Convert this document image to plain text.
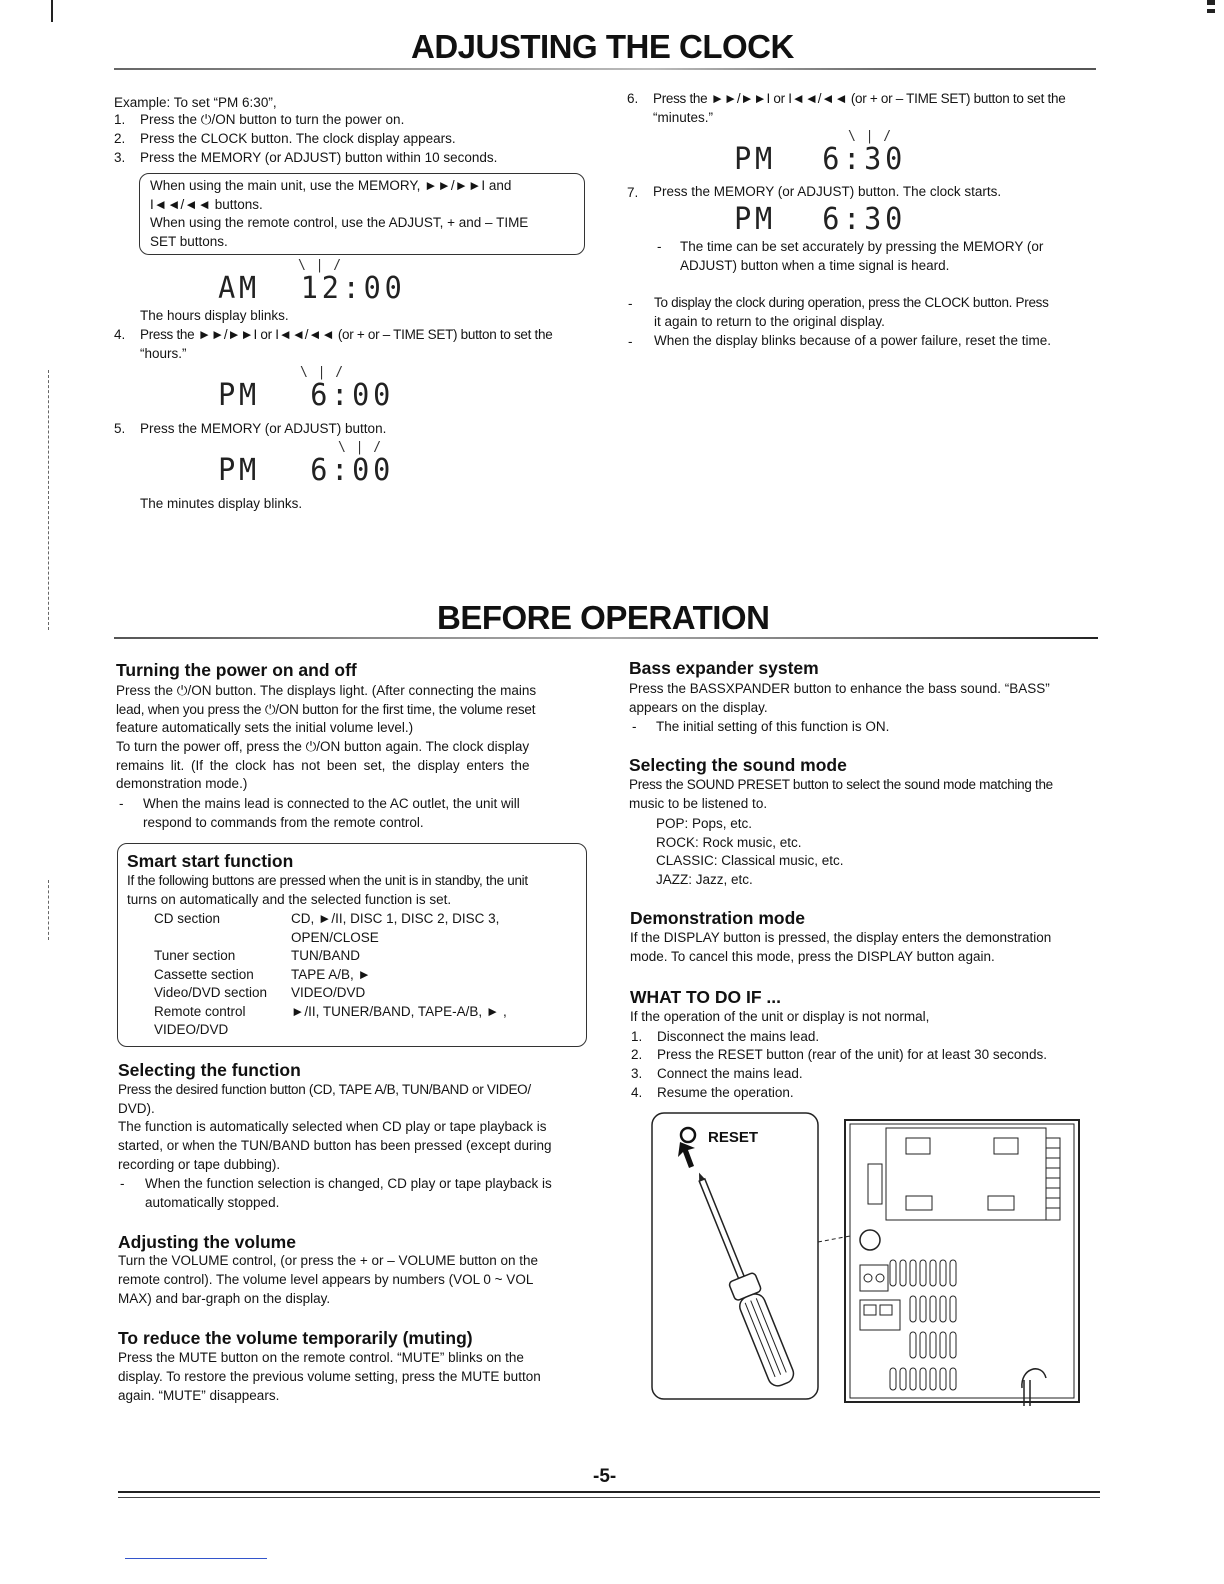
ADJUSTING THE CLOCK
Example: To set “PM 6:30”,
1. Press the ⏻/ON button to turn the power on.
2. Press the CLOCK button. The clock display appears.
3. Press the MEMORY (or ADJUST) button within 10 seconds.
When using the main unit, use the MEMORY, ►►/►►I and
I◄◄/◄◄ buttons.
When using the remote control, use the ADJUST, + and – TIME
SET buttons.
\ | /
AM 12:00
The hours display blinks.
4. Press the ►►/►►I or I◄◄/◄◄ (or + or – TIME SET) button to set the
“hours.”
\ | /
PM 6:00
5. Press the MEMORY (or ADJUST) button.
\ | /
PM 6:00
The minutes display blinks.
6. Press the ►►/►►I or I◄◄/◄◄ (or + or – TIME SET) button to set the
“minutes.”
\ | /
PM 6:30
7. Press the MEMORY (or ADJUST) button. The clock starts.
PM 6:30
- The time can be set accurately by pressing the MEMORY (or
ADJUST) button when a time signal is heard.
- To display the clock during operation, press the CLOCK button. Press
it again to return to the original display.
- When the display blinks because of a power failure, reset the time.
BEFORE OPERATION
Turning the power on and off
Press the ⏻/ON button. The displays light. (After connecting the mains
lead, when you press the ⏻/ON button for the first time, the volume reset
feature automatically sets the initial volume level.)
To turn the power off, press the ⏻/ON button again. The clock display
remains lit. (If the clock has not been set, the display enters the
demonstration mode.)
- When the mains lead is connected to the AC outlet, the unit will
respond to commands from the remote control.
Smart start function
If the following buttons are pressed when the unit is in standby, the unit
turns on automatically and the selected function is set.
CD section	CD, ►/II, DISC 1, DISC 2, DISC 3,
	OPEN/CLOSE
Tuner section	TUN/BAND
Cassette section	TAPE A/B, ►
Video/DVD section	VIDEO/DVD
Remote control	►/II, TUNER/BAND, TAPE-A/B, ► ,
VIDEO/DVD	
Selecting the function
Press the desired function button (CD, TAPE A/B, TUN/BAND or VIDEO/
DVD).
The function is automatically selected when CD play or tape playback is
started, or when the TUN/BAND button has been pressed (except during
recording or tape dubbing).
- When the function selection is changed, CD play or tape playback is
automatically stopped.
Adjusting the volume
Turn the VOLUME control, (or press the + or – VOLUME button on the
remote control). The volume level appears by numbers (VOL 0 ~ VOL
MAX) and bar-graph on the display.
To reduce the volume temporarily (muting)
Press the MUTE button on the remote control. “MUTE” blinks on the
display. To restore the previous volume setting, press the MUTE button
again. “MUTE” disappears.
Bass expander system
Press the BASSXPANDER button to enhance the bass sound. “BASS”
appears on the display.
- The initial setting of this function is ON.
Selecting the sound mode
Press the SOUND PRESET button to select the sound mode matching the
music to be listened to.
POP: Pops, etc.
ROCK: Rock music, etc.
CLASSIC: Classical music, etc.
JAZZ: Jazz, etc.
Demonstration mode
If the DISPLAY button is pressed, the display enters the demonstration
mode. To cancel this mode, press the DISPLAY button again.
WHAT TO DO IF ...
If the operation of the unit or display is not normal,
1. Disconnect the mains lead.
2. Press the RESET button (rear of the unit) for at least 30 seconds.
3. Connect the mains lead.
4. Resume the operation.
RESET
-5-
